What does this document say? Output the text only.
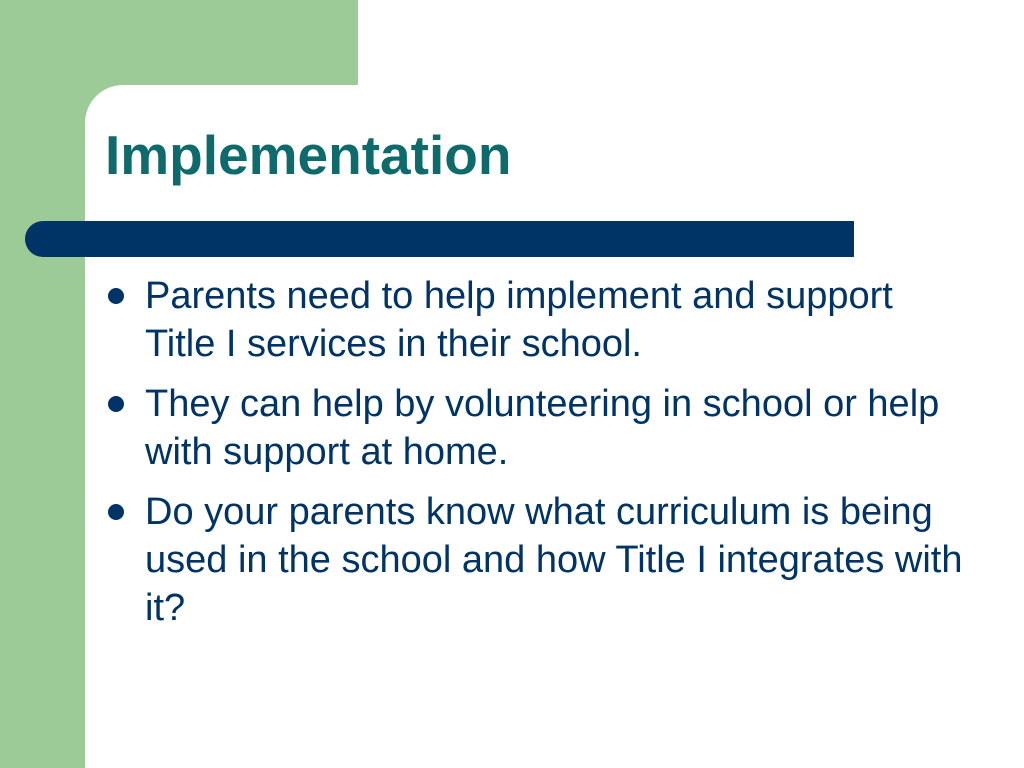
Implementation
Parents need to help implement and support Title I services in their school.
They can help by volunteering in school or help with support at home.
Do your parents know what curriculum is being used in the school and how Title I integrates with it?
